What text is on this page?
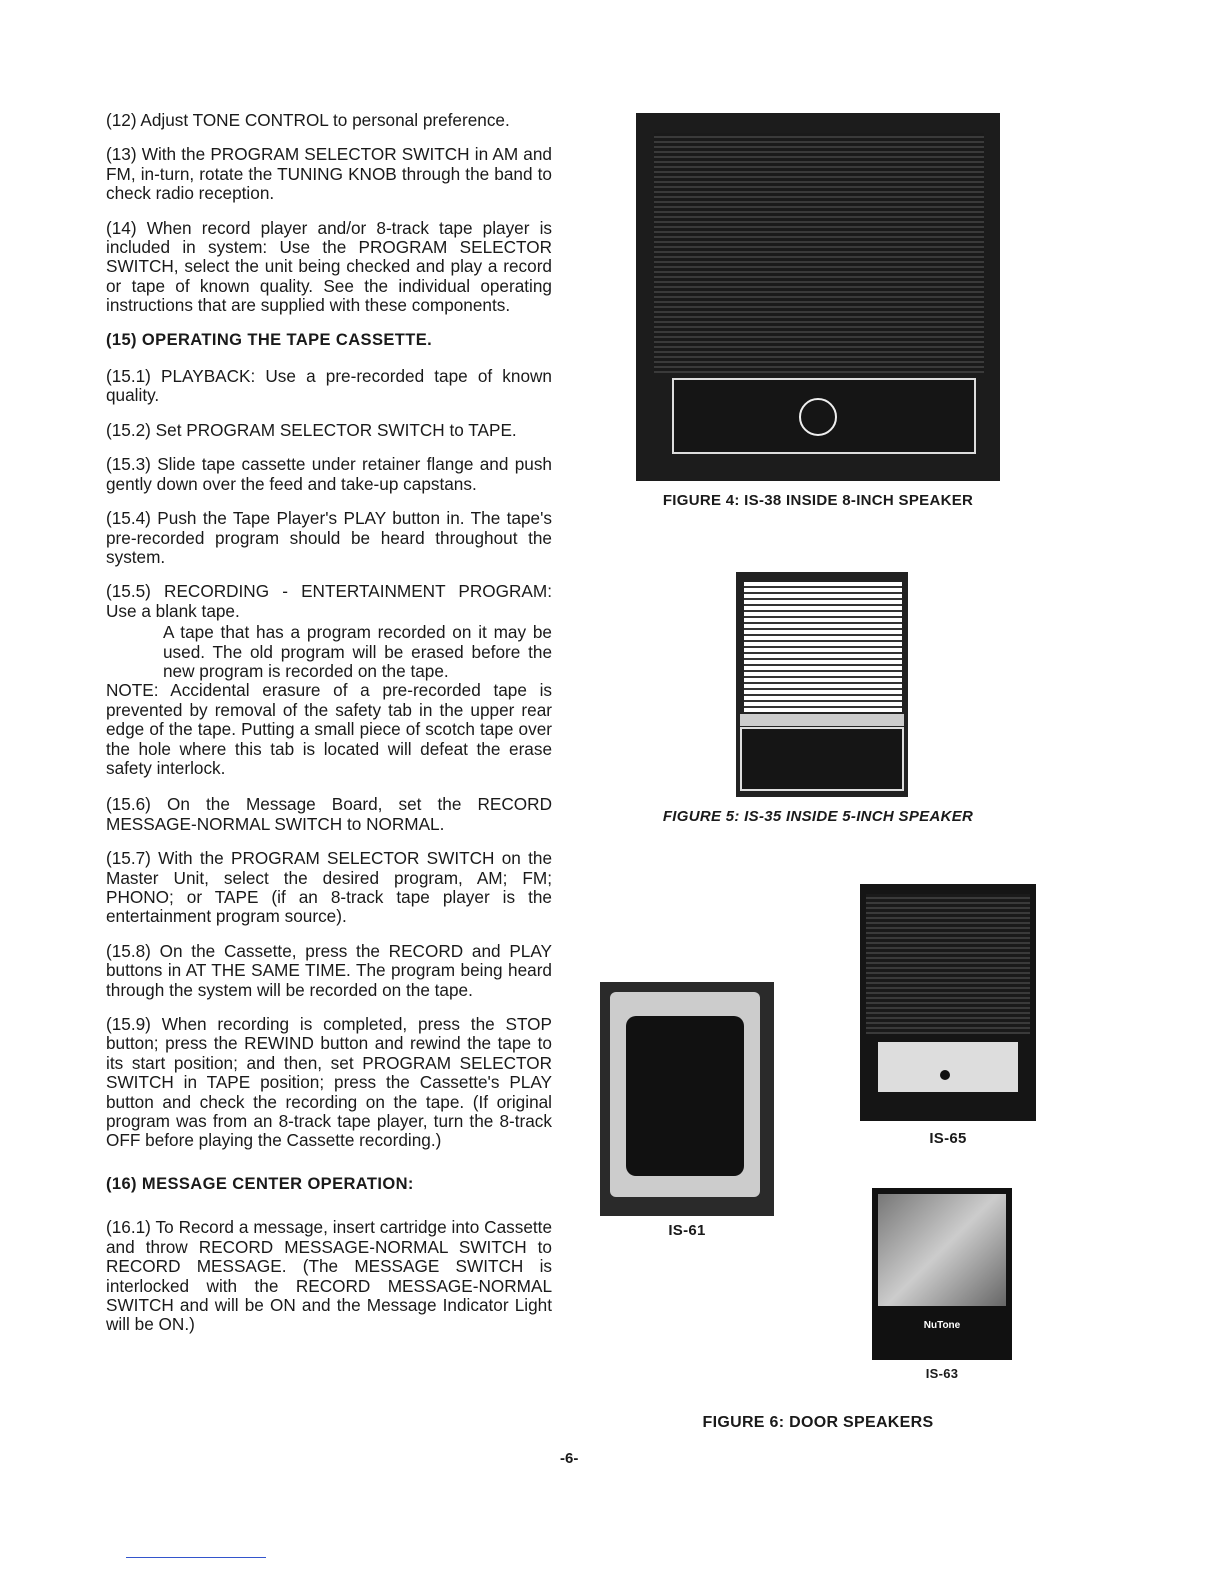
(12) Adjust TONE CONTROL to personal preference.

(13) With the PROGRAM SELECTOR SWITCH in AM and FM, in-turn, rotate the TUNING KNOB through the band to check radio reception.

(14) When record player and/or 8-track tape player is included in system: Use the PROGRAM SELECTOR SWITCH, select the unit being checked and play a record or tape of known quality. See the individual operating instructions that are supplied with these components.

(15) OPERATING THE TAPE CASSETTE.

(15.1) PLAYBACK: Use a pre-recorded tape of known quality.

(15.2) Set PROGRAM SELECTOR SWITCH to TAPE.

(15.3) Slide tape cassette under retainer flange and push gently down over the feed and take-up capstans.

(15.4) Push the Tape Player's PLAY button in. The tape's pre-recorded program should be heard throughout the system.

(15.5) RECORDING - ENTERTAINMENT PROGRAM: Use a blank tape.

A tape that has a program recorded on it may be used. The old program will be erased before the new program is recorded on the tape.

NOTE: Accidental erasure of a pre-recorded tape is prevented by removal of the safety tab in the upper rear edge of the tape. Putting a small piece of scotch tape over the hole where this tab is located will defeat the erase safety interlock.

(15.6) On the Message Board, set the RECORD MESSAGE-NORMAL SWITCH to NORMAL.

(15.7) With the PROGRAM SELECTOR SWITCH on the Master Unit, select the desired program, AM; FM; PHONO; or TAPE (if an 8-track tape player is the entertainment program source).

(15.8) On the Cassette, press the RECORD and PLAY buttons in AT THE SAME TIME. The program being heard through the system will be recorded on the tape.

(15.9) When recording is completed, press the STOP button; press the REWIND button and rewind the tape to its start position; and then, set PROGRAM SELECTOR SWITCH in TAPE position; press the Cassette's PLAY button and check the recording on the tape. (If original program was from an 8-track tape player, turn the 8-track OFF before playing the Cassette recording.)

(16) MESSAGE CENTER OPERATION:

(16.1) To Record a message, insert cartridge into Cassette and throw RECORD MESSAGE-NORMAL SWITCH to RECORD MESSAGE. (The MESSAGE SWITCH is interlocked with the RECORD MESSAGE-NORMAL SWITCH and will be ON and the Message Indicator Light will be ON.)

FIGURE 4: IS-38 INSIDE 8-INCH SPEAKER
FIGURE 5: IS-35 INSIDE 5-INCH SPEAKER
IS-65
IS-61
NuTone
IS-63
FIGURE 6: DOOR SPEAKERS
-6-
